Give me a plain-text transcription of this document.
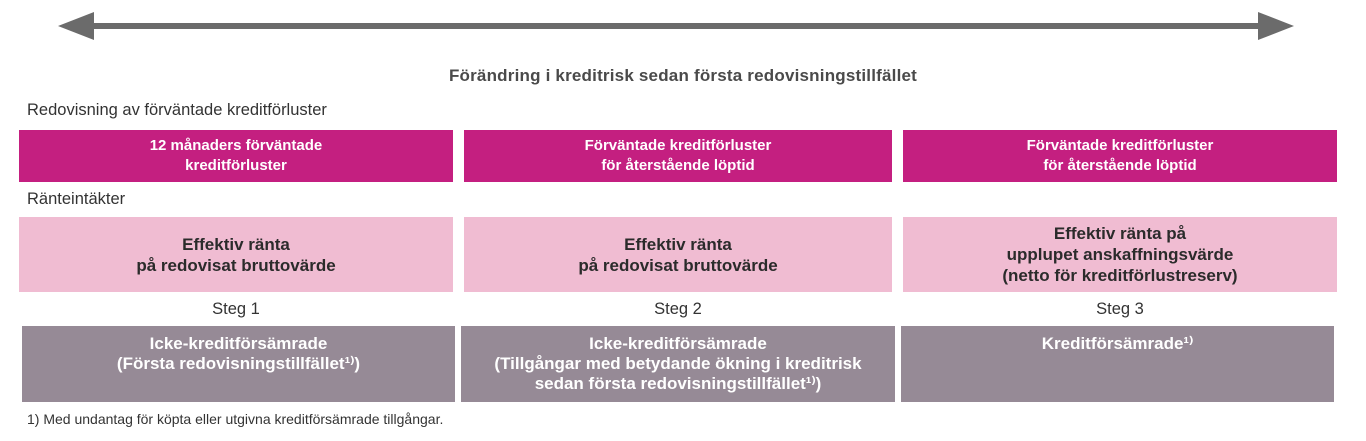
Förändring i kreditrisk sedan första redovisningstillfället
Redovisning av förväntade kreditförluster
12 månaders förväntade
kreditförluster
Förväntade kreditförluster
för återstående löptid
Förväntade kreditförluster
för återstående löptid
Ränteintäkter
Effektiv ränta
på redovisat bruttovärde
Effektiv ränta
på redovisat bruttovärde
Effektiv ränta på
upplupet anskaffningsvärde
(netto för kreditförlustreserv)
Steg 1	Steg 2	Steg 3
Icke-kreditförsämrade
(Första redovisningstillfället¹⁾)
Icke-kreditförsämrade
(Tillgångar med betydande ökning i kreditrisk
sedan första redovisningstillfället¹⁾)
Kreditförsämrade¹⁾
1) Med undantag för köpta eller utgivna kreditförsämrade tillgångar.
